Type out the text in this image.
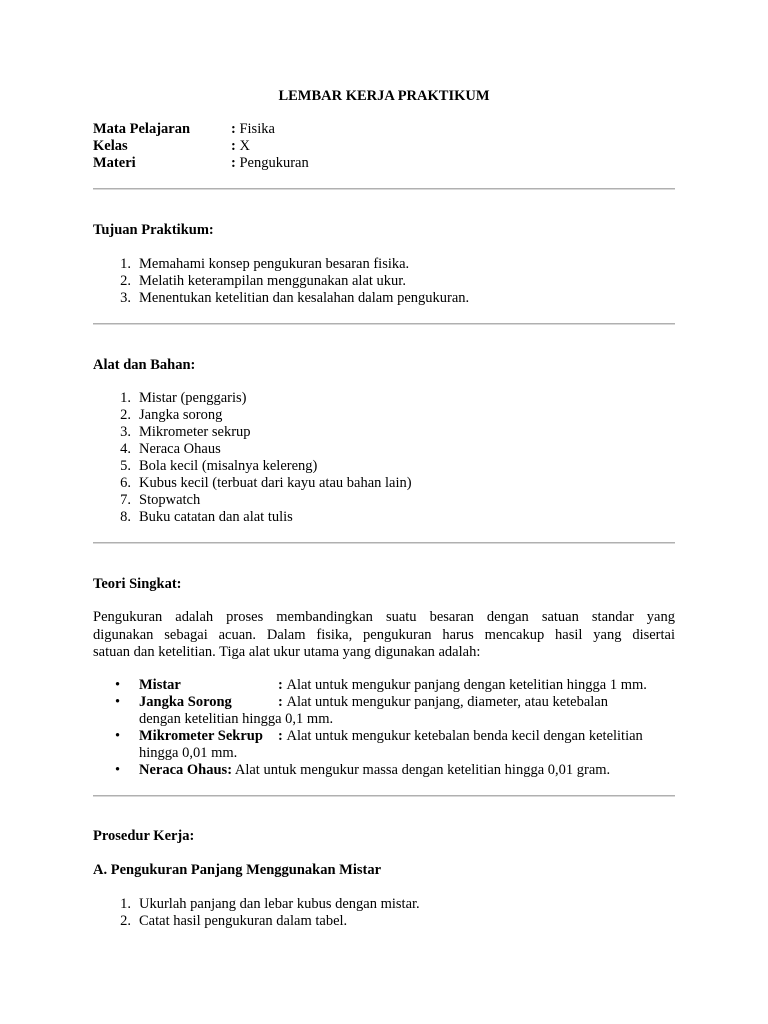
LEMBAR KERJA PRAKTIKUM
Mata Pelajaran	: Fisika
Kelas	: X
Materi	: Pengukuran
Tujuan Praktikum:
1. Memahami konsep pengukuran besaran fisika.
2. Melatih keterampilan menggunakan alat ukur.
3. Menentukan ketelitian dan kesalahan dalam pengukuran.
Alat dan Bahan:
1. Mistar (penggaris)
2. Jangka sorong
3. Mikrometer sekrup
4. Neraca Ohaus
5. Bola kecil (misalnya kelereng)
6. Kubus kecil (terbuat dari kayu atau bahan lain)
7. Stopwatch
8. Buku catatan dan alat tulis
Teori Singkat:
Pengukuran adalah proses membandingkan suatu besaran dengan satuan standar yang
digunakan sebagai acuan. Dalam fisika, pengukuran harus mencakup hasil yang disertai
satuan dan ketelitian. Tiga alat ukur utama yang digunakan adalah:
• Mistar	: Alat untuk mengukur panjang dengan ketelitian hingga 1 mm.
• Jangka Sorong	: Alat untuk mengukur panjang, diameter, atau ketebalan
dengan ketelitian hingga 0,1 mm.
• Mikrometer Sekrup : Alat untuk mengukur ketebalan benda kecil dengan ketelitian
hingga 0,01 mm.
• Neraca Ohaus: Alat untuk mengukur massa dengan ketelitian hingga 0,01 gram.
Prosedur Kerja:
A. Pengukuran Panjang Menggunakan Mistar
1. Ukurlah panjang dan lebar kubus dengan mistar.
2. Catat hasil pengukuran dalam tabel.
